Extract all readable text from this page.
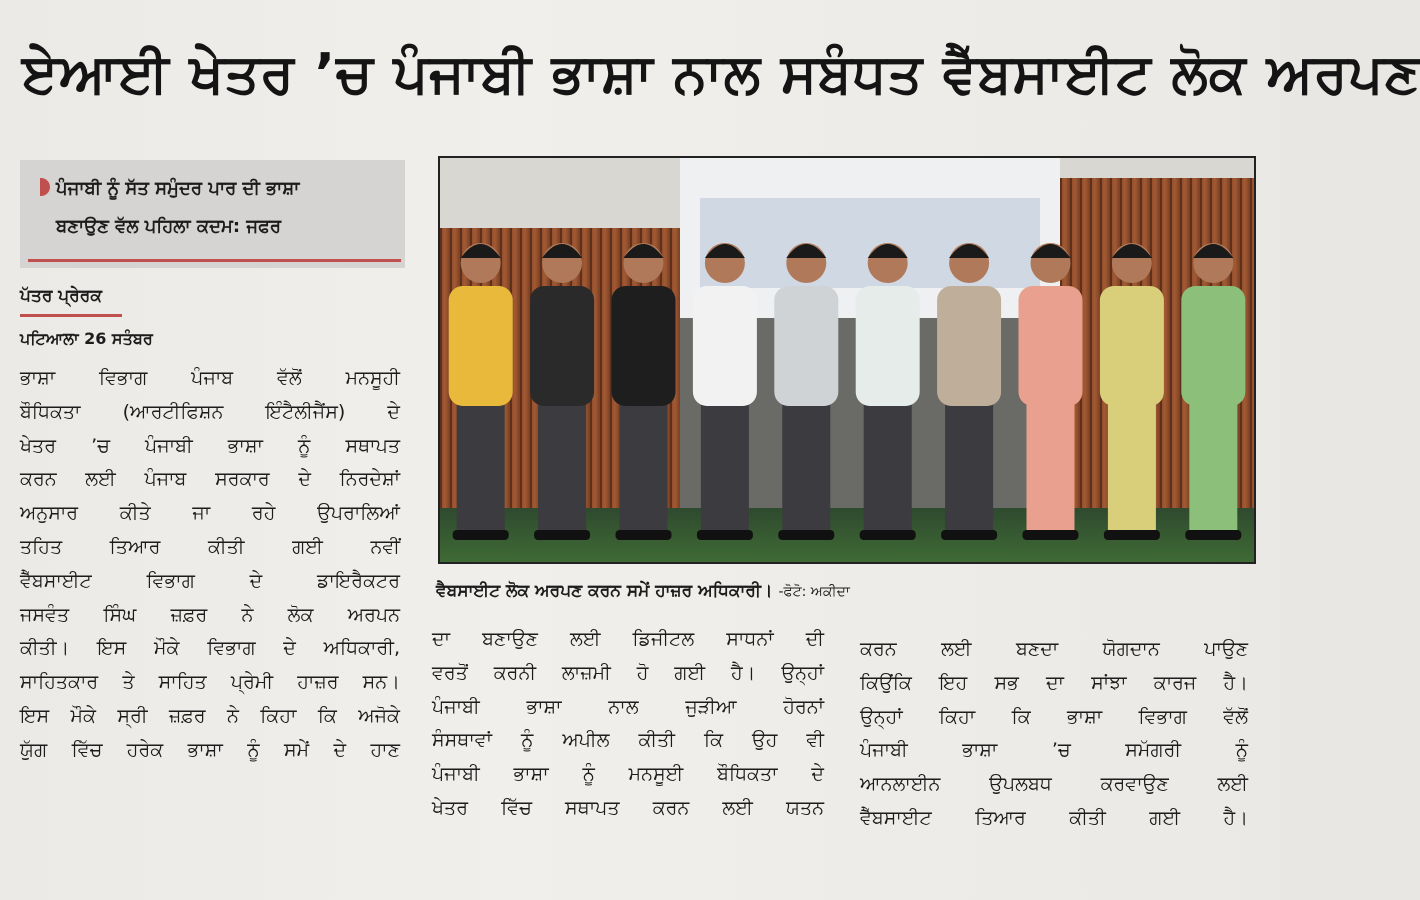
ਏਆਈ ਖੇਤਰ ’ਚ ਪੰਜਾਬੀ ਭਾਸ਼ਾ ਨਾਲ ਸਬੰਧਤ ਵੈੱਬਸਾਈਟ ਲੋਕ ਅਰਪਣ
ਪੰਜਾਬੀ ਨੂੰ ਸੱਤ ਸਮੁੰਦਰ ਪਾਰ ਦੀ ਭਾਸ਼ਾ
ਬਣਾਉਣ ਵੱਲ ਪਹਿਲਾ ਕਦਮ: ਜਫਰ
ਪੱਤਰ ਪ੍ਰੇਰਕ
ਪਟਿਆਲਾ 26 ਸਤੰਬਰ
ਭਾਸ਼ਾ ਵਿਭਾਗ ਪੰਜਾਬ ਵੱਲੋਂ ਮਨਸੂਹੀ
ਬੌਧਿਕਤਾ (ਆਰਟੀਫਿਸ਼ਨ ਇੰਟੈਲੀਜੈਂਸ) ਦੇ
ਖੇਤਰ ’ਚ ਪੰਜਾਬੀ ਭਾਸ਼ਾ ਨੂੰ ਸਥਾਪਤ
ਕਰਨ ਲਈ ਪੰਜਾਬ ਸਰਕਾਰ ਦੇ ਨਿਰਦੇਸ਼ਾਂ
ਅਨੁਸਾਰ ਕੀਤੇ ਜਾ ਰਹੇ ਉਪਰਾਲਿਆਂ
ਤਹਿਤ ਤਿਆਰ ਕੀਤੀ ਗਈ ਨਵੀਂ
ਵੈੱਬਸਾਈਟ ਵਿਭਾਗ ਦੇ ਡਾਇਰੈਕਟਰ
ਜਸਵੰਤ ਸਿੰਘ ਜ਼ਫ਼ਰ ਨੇ ਲੋਕ ਅਰਪਨ
ਕੀਤੀ। ਇਸ ਮੌਕੇ ਵਿਭਾਗ ਦੇ ਅਧਿਕਾਰੀ,
ਸਾਹਿਤਕਾਰ ਤੇ ਸਾਹਿਤ ਪ੍ਰੇਮੀ ਹਾਜ਼ਰ ਸਨ।
ਇਸ ਮੌਕੇ ਸ੍ਰੀ ਜ਼ਫ਼ਰ ਨੇ ਕਿਹਾ ਕਿ ਅਜੋਕੇ
ਯੁੱਗ ਵਿੱਚ ਹਰੇਕ ਭਾਸ਼ਾ ਨੂੰ ਸਮੇਂ ਦੇ ਹਾਣ
ਵੈਬਸਾਈਟ ਲੋਕ ਅਰਪਣ ਕਰਨ ਸਮੇਂ ਹਾਜ਼ਰ ਅਧਿਕਾਰੀ। -ਫੋਟੋ: ਅਕੀਦਾ
ਦਾ ਬਣਾਉਣ ਲਈ ਡਿਜੀਟਲ ਸਾਧਨਾਂ ਦੀ
ਵਰਤੋਂ ਕਰਨੀ ਲਾਜ਼ਮੀ ਹੋ ਗਈ ਹੈ। ਉਨ੍ਹਾਂ
ਪੰਜਾਬੀ ਭਾਸ਼ਾ ਨਾਲ ਜੁੜੀਆ ਹੋਰਨਾਂ
ਸੰਸਥਾਵਾਂ ਨੂੰ ਅਪੀਲ ਕੀਤੀ ਕਿ ਉਹ ਵੀ
ਪੰਜਾਬੀ ਭਾਸ਼ਾ ਨੂੰ ਮਨਸੂਈ ਬੌਧਿਕਤਾ ਦੇ
ਖੇਤਰ ਵਿੱਚ ਸਥਾਪਤ ਕਰਨ ਲਈ ਯਤਨ
ਕਰਨ ਲਈ ਬਣਦਾ ਯੋਗਦਾਨ ਪਾਉਣ
ਕਿਉਂਕਿ ਇਹ ਸਭ ਦਾ ਸਾਂਝਾ ਕਾਰਜ ਹੈ।
ਉਨ੍ਹਾਂ ਕਿਹਾ ਕਿ ਭਾਸ਼ਾ ਵਿਭਾਗ ਵੱਲੋਂ
ਪੰਜਾਬੀ ਭਾਸ਼ਾ ’ਚ ਸਮੱਗਰੀ ਨੂੰ
ਆਨਲਾਈਨ ਉਪਲਬਧ ਕਰਵਾਉਣ ਲਈ
ਵੈੱਬਸਾਈਟ ਤਿਆਰ ਕੀਤੀ ਗਈ ਹੈ।
